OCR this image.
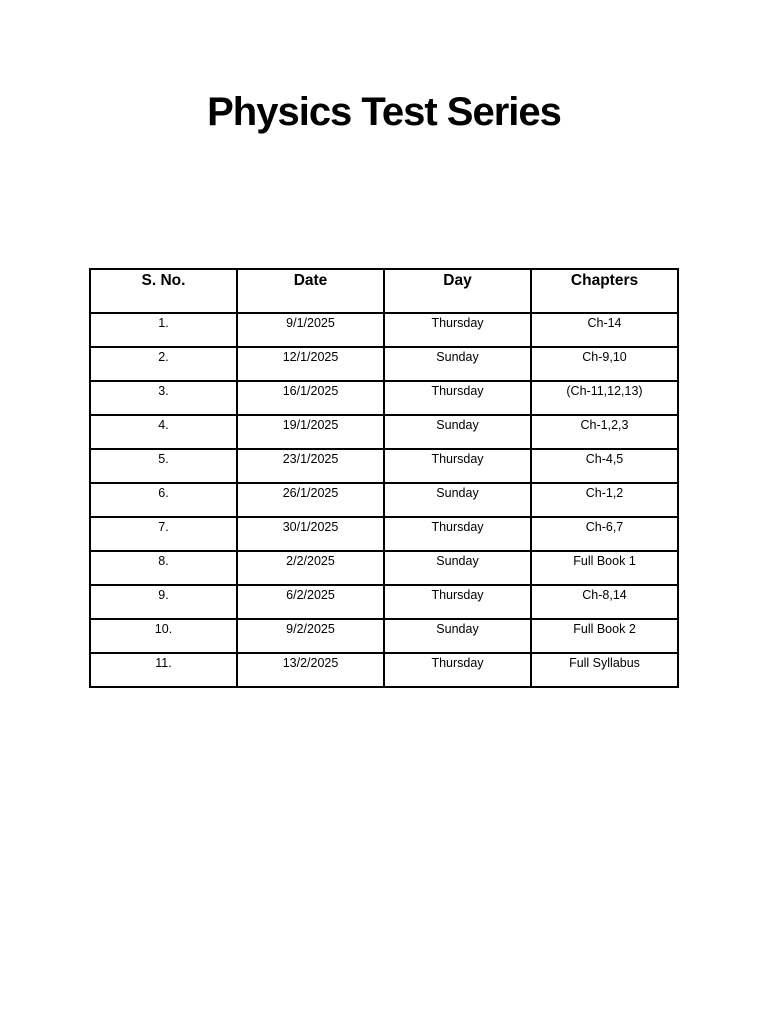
Physics Test Series
S. No.	Date	Day	Chapters
1.	9/1/2025	Thursday	Ch-14
2.	12/1/2025	Sunday	Ch-9,10
3.	16/1/2025	Thursday	(Ch-11,12,13)
4.	19/1/2025	Sunday	Ch-1,2,3
5.	23/1/2025	Thursday	Ch-4,5
6.	26/1/2025	Sunday	Ch-1,2
7.	30/1/2025	Thursday	Ch-6,7
8.	2/2/2025	Sunday	Full Book 1
9.	6/2/2025	Thursday	Ch-8,14
10.	9/2/2025	Sunday	Full Book 2
11.	13/2/2025	Thursday	Full Syllabus
